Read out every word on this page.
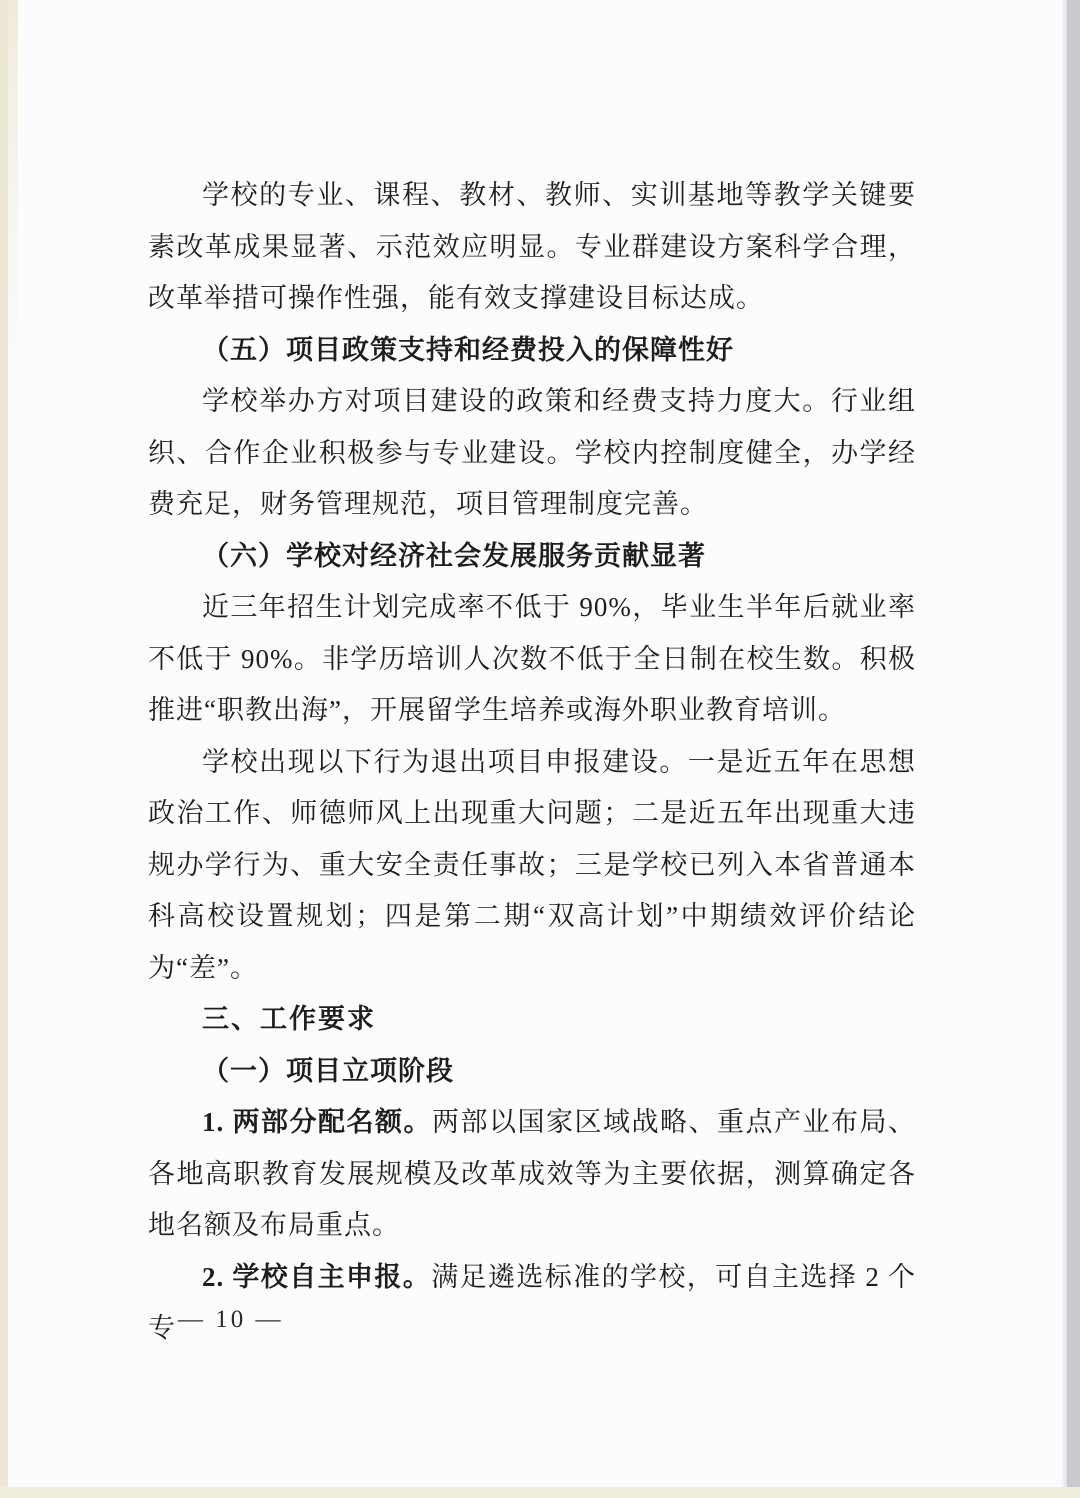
学校的专业、课程、教材、教师、实训基地等教学关键要素改革成果显著、示范效应明显。专业群建设方案科学合理，改革举措可操作性强，能有效支撑建设目标达成。

（五）项目政策支持和经费投入的保障性好

学校举办方对项目建设的政策和经费支持力度大。行业组织、合作企业积极参与专业建设。学校内控制度健全，办学经费充足，财务管理规范，项目管理制度完善。

（六）学校对经济社会发展服务贡献显著

近三年招生计划完成率不低于 90%，毕业生半年后就业率不低于 90%。非学历培训人次数不低于全日制在校生数。积极推进“职教出海”，开展留学生培养或海外职业教育培训。

学校出现以下行为退出项目申报建设。一是近五年在思想政治工作、师德师风上出现重大问题；二是近五年出现重大违规办学行为、重大安全责任事故；三是学校已列入本省普通本科高校设置规划；四是第二期“双高计划”中期绩效评价结论为“差”。

三、工作要求

（一）项目立项阶段

1. 两部分配名额。两部以国家区域战略、重点产业布局、各地高职教育发展规模及改革成效等为主要依据，测算确定各地名额及布局重点。

2. 学校自主申报。满足遴选标准的学校，可自主选择 2 个专 — 10 —
